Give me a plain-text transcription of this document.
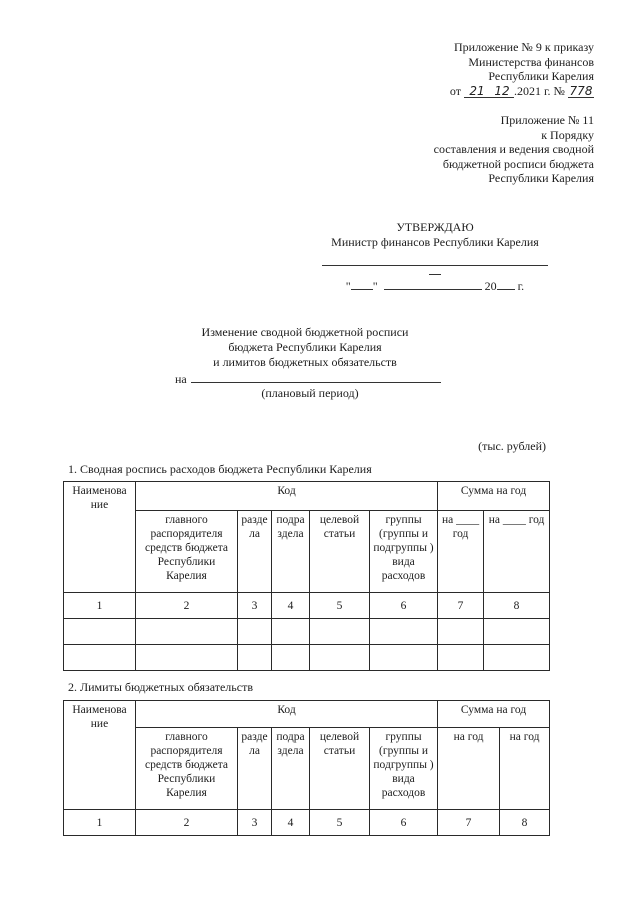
Приложение № 9 к приказу
Министерства финансов
Республики Карелия
от 21 12 .2021 г. № 778
Приложение № 11
к Порядку
составления и ведения сводной
бюджетной росписи бюджета
Республики Карелия
УТВЕРЖДАЮ
Министр финансов Республики Карелия
" "	20 г.
Изменение сводной бюджетной росписи
бюджета Республики Карелия
и лимитов бюджетных обязательств
на
(плановый период)
(тыс. рублей)
1. Сводная роспись расходов бюджета Республики Карелия
Наименова ние	Код					Сумма на год	
	главного распорядителя средств бюджета Республики Карелия	разде ла	подра здела	целевой статьи	группы (группы и подгруппы ) вида расходов	на ____ год	на ____ год
1	2	3	4	5	6	7	8

2. Лимиты бюджетных обязательств
Наименова ние	Код					Сумма на год	
	главного распорядителя средств бюджета Республики Карелия	разде ла	подра здела	целевой статьи	группы (группы и подгруппы ) вида расходов	на год	на год
1	2	3	4	5	6	7	8
